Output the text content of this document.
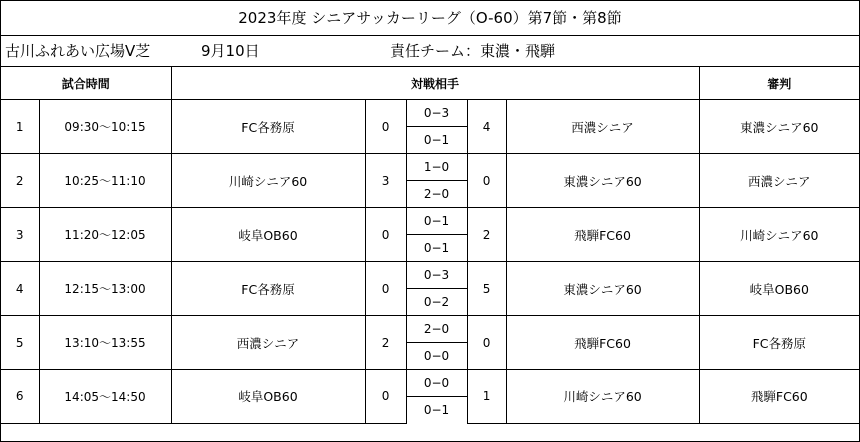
2023年度 シニアサッカーリーグ（O-60）第7節・第8節
古川ふれあい広場V芝	9月10日	責任チーム：東濃・飛騨
試合時間		対戦相手					審判
1	09:30～10:15	FC各務原	0	0−3	4	西濃シニア	東濃シニア60
				0−1			
2	10:25～11:10	川崎シニア60	3	1−0	0	東濃シニア60	西濃シニア
				2−0			
3	11:20～12:05	岐阜OB60	0	0−1	2	飛騨FC60	川崎シニア60
				0−1			
4	12:15～13:00	FC各務原	0	0−3	5	東濃シニア60	岐阜OB60
				0−2			
5	13:10～13:55	西濃シニア	2	2−0	0	飛騨FC60	FC各務原
				0−0			
6	14:05～14:50	岐阜OB60	0	0−0	1	川崎シニア60	飛騨FC60
				0−1			
